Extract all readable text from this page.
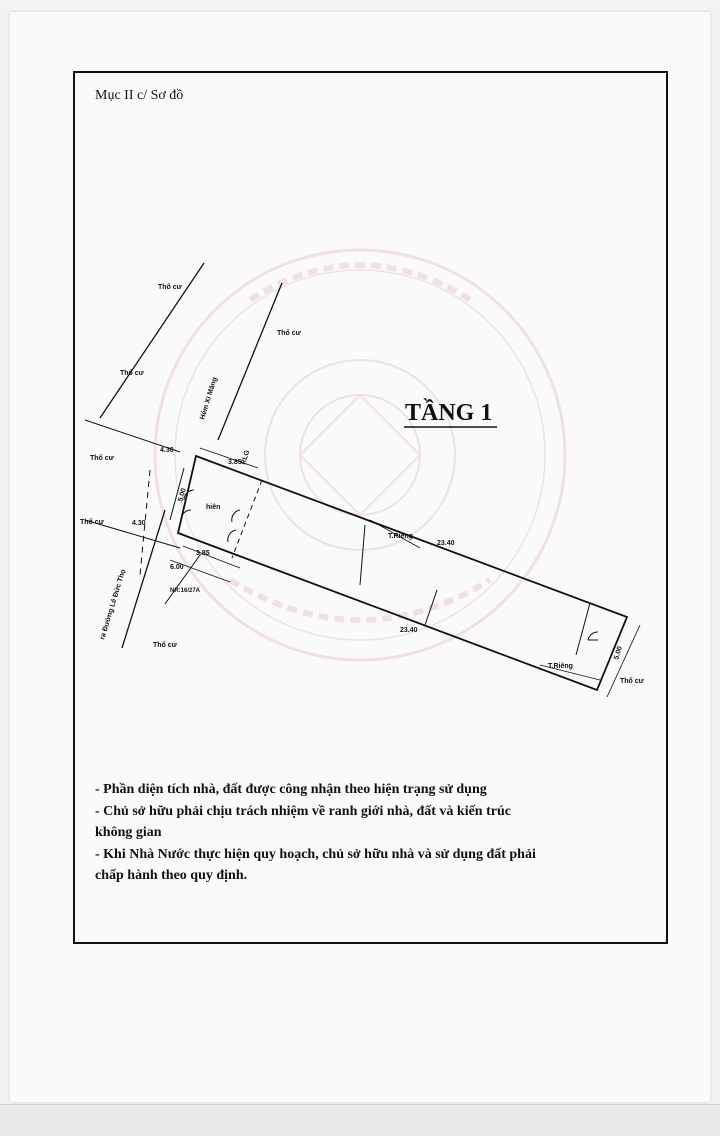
Thổ cư
Thổ cư
Thổ cư
Thổ cư
Thổ cư
Thổ cư
Thổ cư
Hẻm Xi Măng
ra Đường Lê Đức Thọ
RLG
4.30
4.30
5.00
3.85
3.85
6.00
23.40
23.40
5.00
T.Riêng
T.Riêng
hiên
NR:16/27A
TẦNG 1
Mục II c/ Sơ đồ

- Phần diện tích nhà, đất được công nhận theo hiện trạng sử dụng

- Chủ sở hữu phải chịu trách nhiệm về ranh giới nhà, đất và kiến trúc

không gian

- Khi Nhà Nước thực hiện quy hoạch, chủ sở hữu nhà và sử dụng đất phải

chấp hành theo quy định.
